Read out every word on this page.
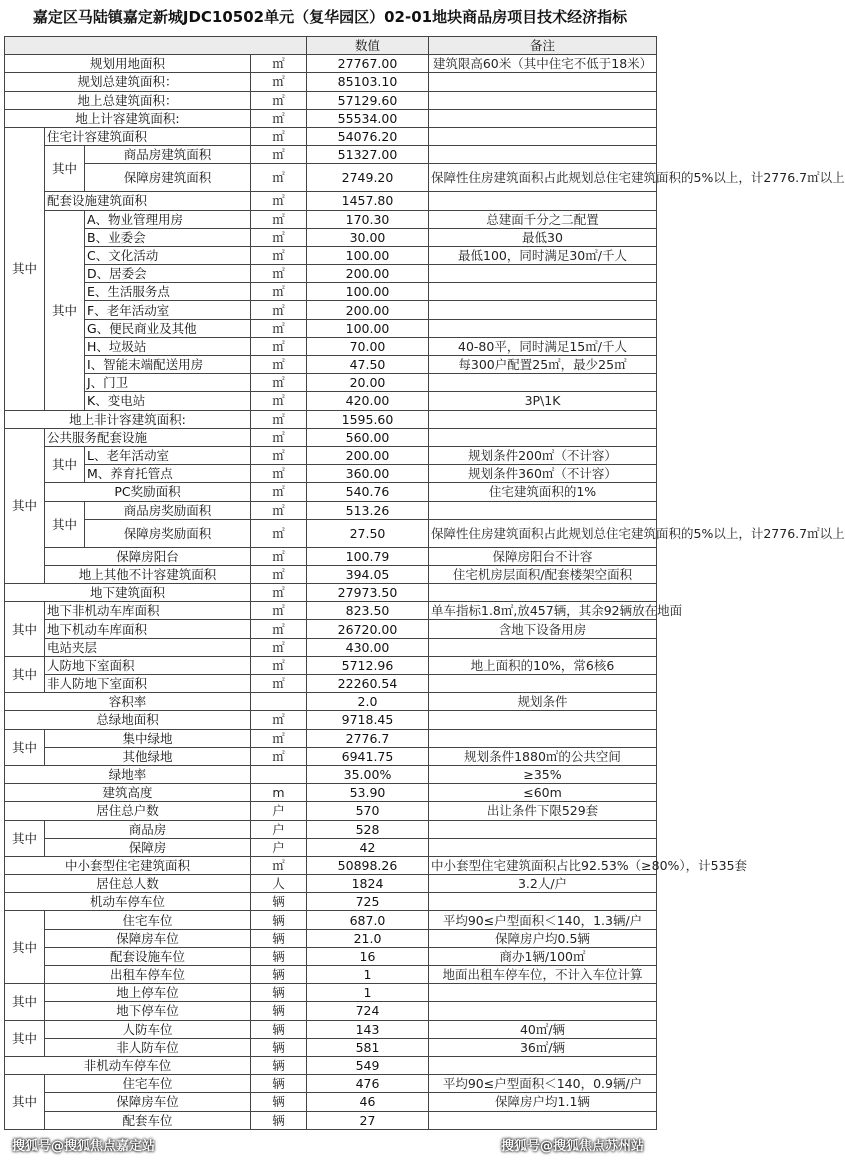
嘉定区马陆镇嘉定新城JDC10502单元（复华园区）02-01地块商品房项目技术经济指标
				数值	备注
规划用地面积			㎡	27767.00	建筑限高60米（其中住宅不低于18米）
规划总建筑面积：			㎡	85103.10	
地上总建筑面积：			㎡	57129.60	
地上计容建筑面积:			㎡	55534.00	
其中	住宅计容建筑面积		㎡	54076.20	
	其中	商品房建筑面积	㎡	51327.00	
		保障房建筑面积	㎡	2749.20	保障性住房建筑面积占此规划总住宅建筑面积的5%以上，计2776.7㎡以上
	配套设施建筑面积		㎡	1457.80	
	其中	A、物业管理用房	㎡	170.30	总建面千分之二配置
		B、业委会	㎡	30.00	最低30
		C、文化活动	㎡	100.00	最低100，同时满足30㎡/千人
		D、居委会	㎡	200.00	
		E、生活服务点	㎡	100.00	
		F、老年活动室	㎡	200.00	
		G、便民商业及其他	㎡	100.00	
		H、垃圾站	㎡	70.00	40-80平，同时满足15㎡/千人
		I、智能末端配送用房	㎡	47.50	每300户配置25㎡，最少25㎡
		J、门卫	㎡	20.00	
		K、变电站	㎡	420.00	3P\1K
地上非计容建筑面积:			㎡	1595.60	
其中	公共服务配套设施		㎡	560.00	
	其中	L、老年活动室	㎡	200.00	规划条件200㎡（不计容）
		M、养育托管点	㎡	360.00	规划条件360㎡（不计容）
	PC奖励面积		㎡	540.76	住宅建筑面积的1%
	其中	商品房奖励面积	㎡	513.26	
		保障房奖励面积	㎡	27.50	保障性住房建筑面积占此规划总住宅建筑面积的5%以上，计2776.7㎡以上
	保障房阳台		㎡	100.79	保障房阳台不计容
	地上其他不计容建筑面积		㎡	394.05	住宅机房层面积/配套楼架空面积
地下建筑面积			㎡	27973.50	
其中	地下非机动车库面积		㎡	823.50	单车指标1.8㎡,放457辆，其余92辆放在地面
	地下机动车库面积		㎡	26720.00	含地下设备用房
	电站夹层		㎡	430.00	
其中	人防地下室面积		㎡	5712.96	地上面积的10%，常6核6
	非人防地下室面积		㎡	22260.54	
容积率				2.0	规划条件
总绿地面积			㎡	9718.45	
其中	集中绿地		㎡	2776.7	
	其他绿地		㎡	6941.75	规划条件1880㎡的公共空间
绿地率				35.00%	≥35%
建筑高度			m	53.90	≤60m
居住总户数			户	570	出让条件下限529套
其中	商品房		户	528	
	保障房		户	42	
中小套型住宅建筑面积			㎡	50898.26	中小套型住宅建筑面积占比92.53%（≥80%），计535套
居住总人数			人	1824	3.2人/户
机动车停车位			辆	725	
其中	住宅车位		辆	687.0	平均90≤户型面积＜140，1.3辆/户
	保障房车位		辆	21.0	保障房户均0.5辆
	配套设施车位		辆	16	商办1辆/100㎡
	出租车停车位		辆	1	地面出租车停车位，不计入车位计算
其中	地上停车位		辆	1	
	地下停车位		辆	724	
其中	人防车位		辆	143	40㎡/辆
	非人防车位		辆	581	36㎡/辆
非机动车停车位			辆	549	
其中	住宅车位		辆	476	平均90≤户型面积＜140，0.9辆/户
	保障房车位		辆	46	保障房户均1.1辆
	配套车位		辆	27	
搜狐号@搜狐焦点嘉定站	搜狐号@搜狐焦点苏州站
